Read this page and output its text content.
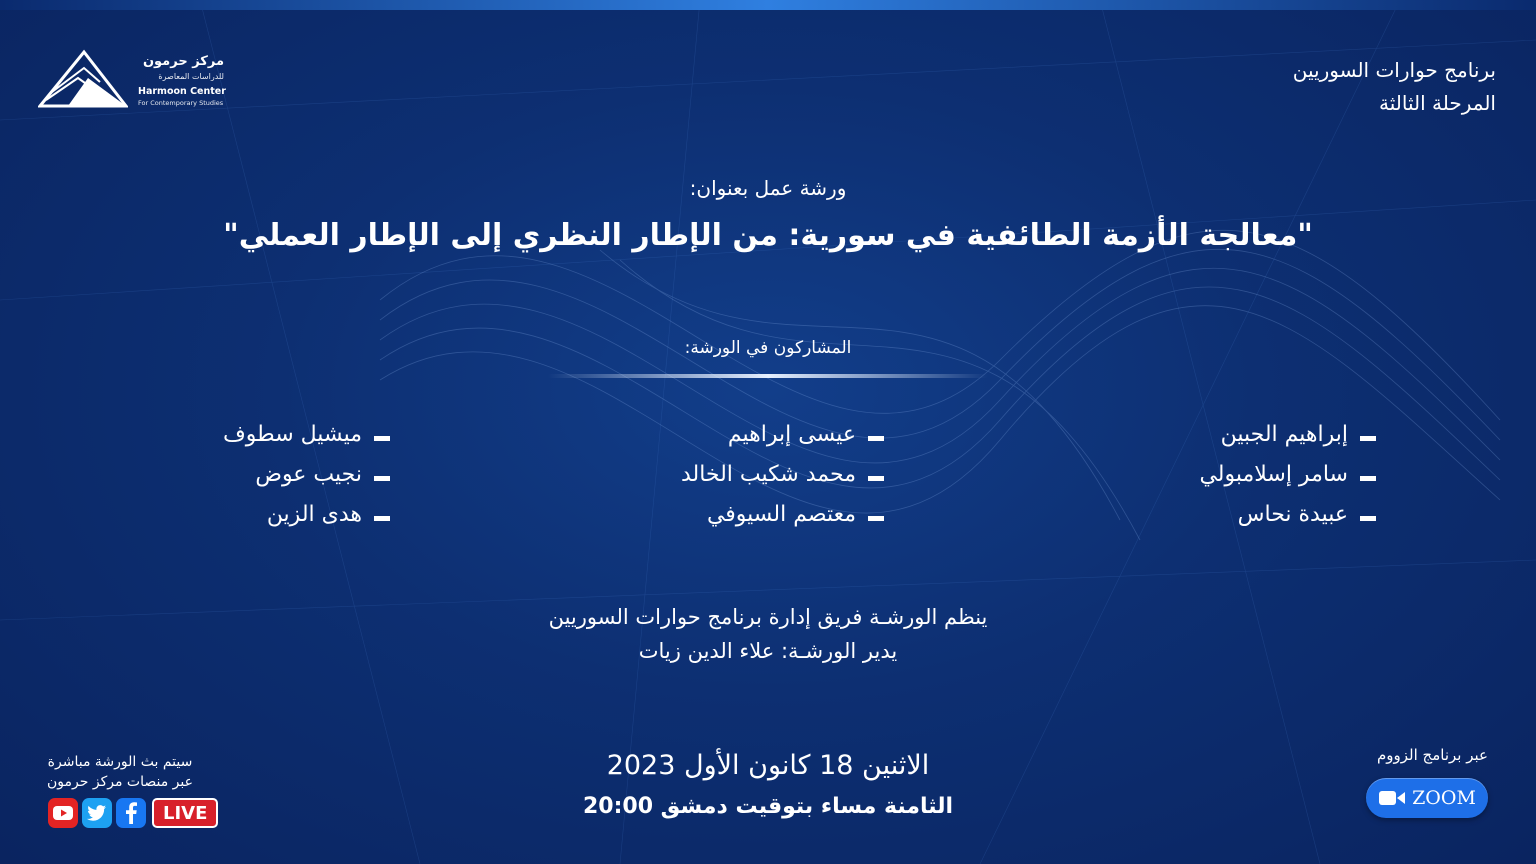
مركز حرمون
للدراسات المعاصرة
Harmoon Center
For Contemporary Studies
برنامج حوارات السوريين
المرحلة الثالثة
ورشة عمل بعنوان:
"معالجة الأزمة الطائفية في سورية: من الإطار النظري إلى الإطار العملي"
المشاركون في الورشة:
إبراهيم الجبين
سامر إسلامبولي
عبيدة نحاس
عيسى إبراهيم
محمد شكيب الخالد
معتصم السيوفي
ميشيل سطوف
نجيب عوض
هدى الزين
ينظم الورشـة فريق إدارة برنامج حوارات السوريين
يدير الورشـة: علاء الدين زيات
الاثنين 18 كانون الأول 2023
الثامنة مساء بتوقيت دمشق 20:00
عبر برنامج الزووم
ZOOM
سيتم بث الورشة مباشرة
عبر منصات مركز حرمون
LIVE
